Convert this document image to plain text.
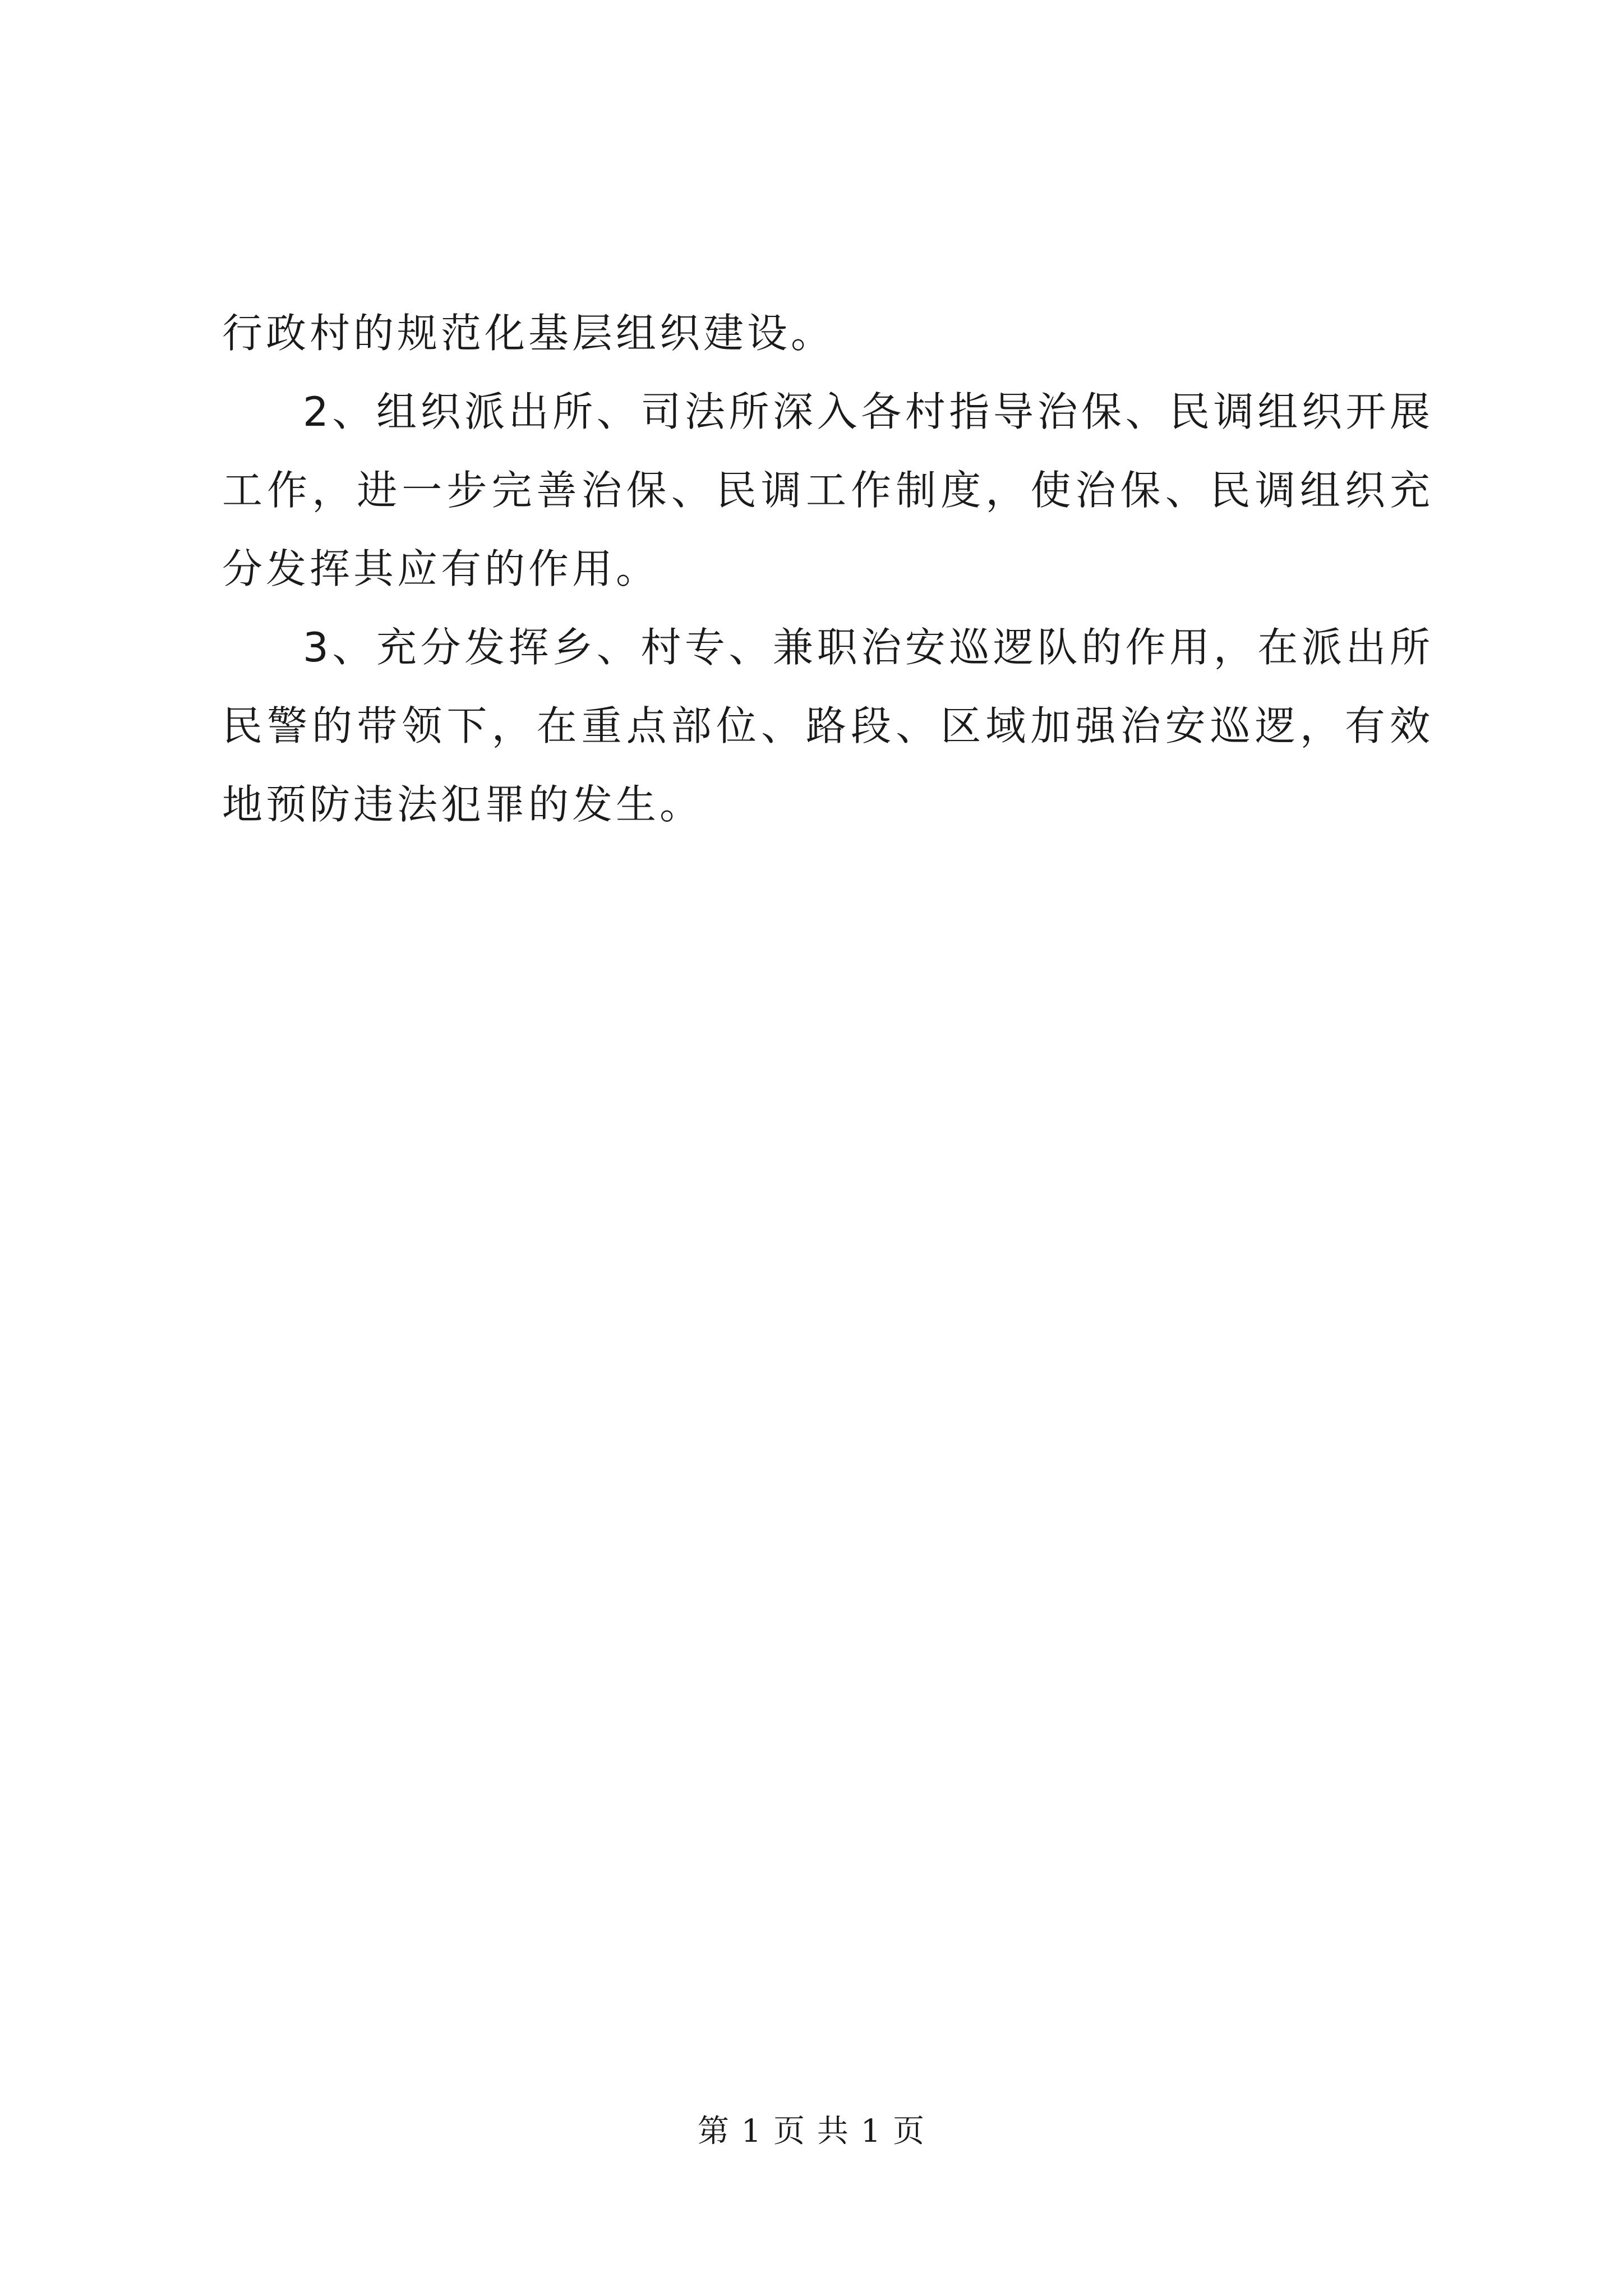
行政村的规范化基层组织建设。

2、组织派出所、司法所深入各村指导治保、民调组织开展工作，进一步完善治保、民调工作制度，使治保、民调组织充分发挥其应有的作用。

3、充分发挥乡、村专、兼职治安巡逻队的作用，在派出所民警的带领下，在重点部位、路段、区域加强治安巡逻，有效地预防违法犯罪的发生。

第 1 页 共 1 页
